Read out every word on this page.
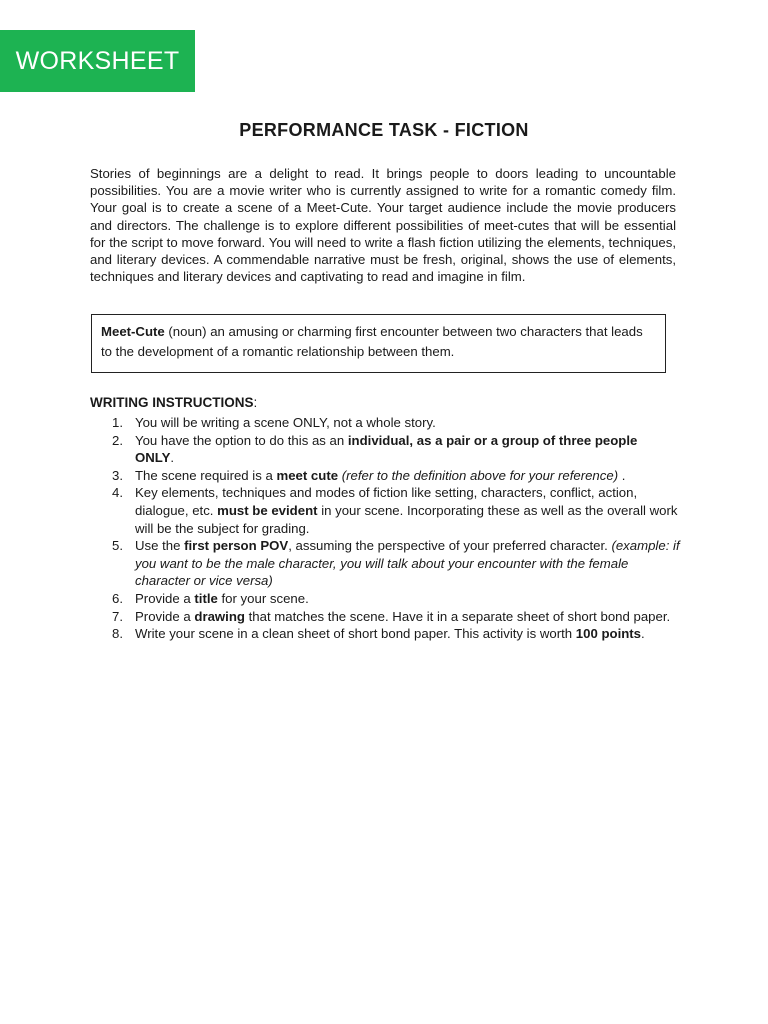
WORKSHEET
PERFORMANCE TASK - FICTION

Stories of beginnings are a delight to read. It brings people to doors leading to uncountable possibilities. You are a movie writer who is currently assigned to write for a romantic comedy film. Your goal is to create a scene of a Meet-Cute. Your target audience include the movie producers and directors. The challenge is to explore different possibilities of meet-cutes that will be essential for the script to move forward. You will need to write a flash fiction utilizing the elements, techniques, and literary devices. A commendable narrative must be fresh, original, shows the use of elements, techniques and literary devices and captivating to read and imagine in film.

Meet-Cute (noun) an amusing or charming first encounter between two characters that leads to the development of a romantic relationship between them.
WRITING INSTRUCTIONS:
1. You will be writing a scene ONLY, not a whole story.
2. You have the option to do this as an individual, as a pair or a group of three people ONLY.
3. The scene required is a meet cute (refer to the definition above for your reference) .
4. Key elements, techniques and modes of fiction like setting, characters, conflict, action, dialogue, etc. must be evident in your scene. Incorporating these as well as the overall work will be the subject for grading.
5. Use the first person POV, assuming the perspective of your preferred character. (example: if you want to be the male character, you will talk about your encounter with the female character or vice versa)
6. Provide a title for your scene.
7. Provide a drawing that matches the scene. Have it in a separate sheet of short bond paper.
8. Write your scene in a clean sheet of short bond paper. This activity is worth 100 points.
